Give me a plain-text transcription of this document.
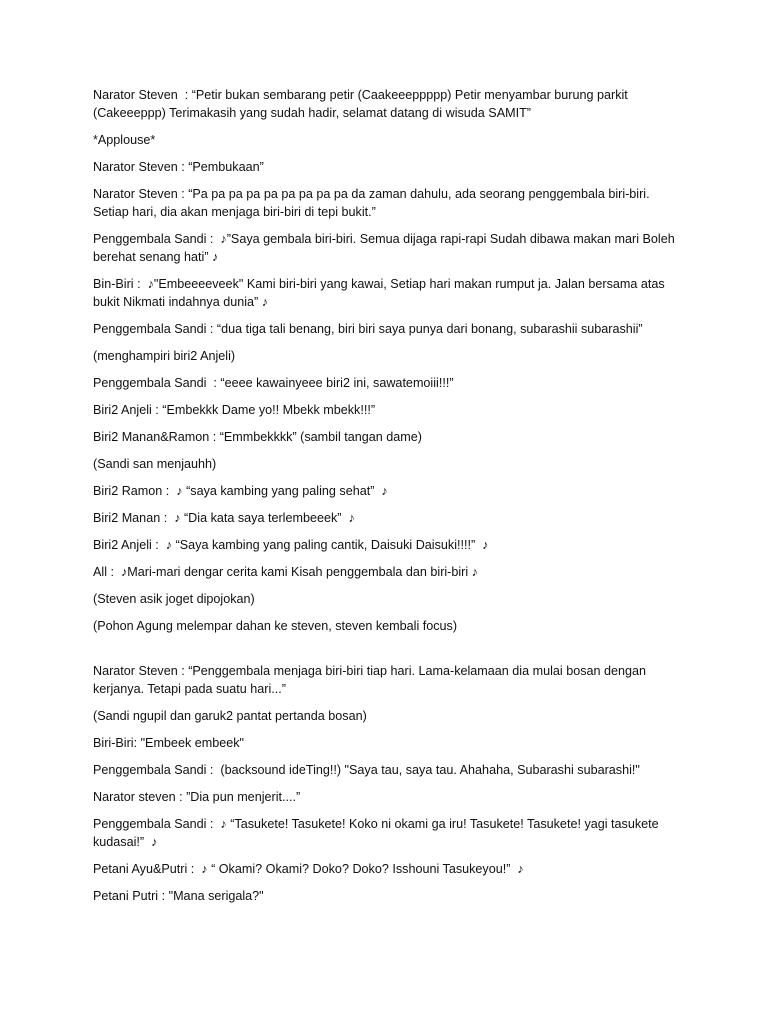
Narator Steven  : “Petir bukan sembarang petir (Caakeeeppppp) Petir menyambar burung parkit (Cakeeeppp) Terimakasih yang sudah hadir, selamat datang di wisuda SAMIT”

*Applouse*

Narator Steven : “Pembukaan”

Narator Steven : “Pa pa pa pa pa pa pa pa pa da zaman dahulu, ada seorang penggembala biri-biri. Setiap hari, dia akan menjaga biri-biri di tepi bukit.”

Penggembala Sandi :  ♪”Saya gembala biri-biri. Semua dijaga rapi-rapi Sudah dibawa makan mari Boleh berehat senang hati” ♪

Bin-Biri :  ♪"Embeeeeveek" Kami biri-biri yang kawai, Setiap hari makan rumput ja. Jalan bersama atas bukit Nikmati indahnya dunia” ♪

Penggembala Sandi : “dua tiga tali benang, biri biri saya punya dari bonang, subarashii subarashii”

(menghampiri biri2 Anjeli)

Penggembala Sandi  : “eeee kawainyeee biri2 ini, sawatemoiii!!!”

Biri2 Anjeli : “Embekkk Dame yo!! Mbekk mbekk!!!”

Biri2 Manan&Ramon : “Emmbekkkk” (sambil tangan dame)

(Sandi san menjauhh)

Biri2 Ramon :  ♪ “saya kambing yang paling sehat”  ♪

Biri2 Manan :  ♪ “Dia kata saya terlembeeek”  ♪

Biri2 Anjeli :  ♪ “Saya kambing yang paling cantik, Daisuki Daisuki!!!!”  ♪

All :  ♪Mari-mari dengar cerita kami Kisah penggembala dan biri-biri ♪

(Steven asik joget dipojokan)

(Pohon Agung melempar dahan ke steven, steven kembali focus)

Narator Steven : “Penggembala menjaga biri-biri tiap hari. Lama-kelamaan dia mulai bosan dengan kerjanya. Tetapi pada suatu hari...”

(Sandi ngupil dan garuk2 pantat pertanda bosan)

Biri-Biri: "Embeek embeek"

Penggembala Sandi :  (backsound ideTing!!) "Saya tau, saya tau. Ahahaha, Subarashi subarashi!"

Narator steven : ”Dia pun menjerit....”

Penggembala Sandi :  ♪ “Tasukete! Tasukete! Koko ni okami ga iru! Tasukete! Tasukete! yagi tasukete kudasai!”  ♪

Petani Ayu&Putri :  ♪ “ Okami? Okami? Doko? Doko? Isshouni Tasukeyou!”  ♪

Petani Putri : "Mana serigala?"
